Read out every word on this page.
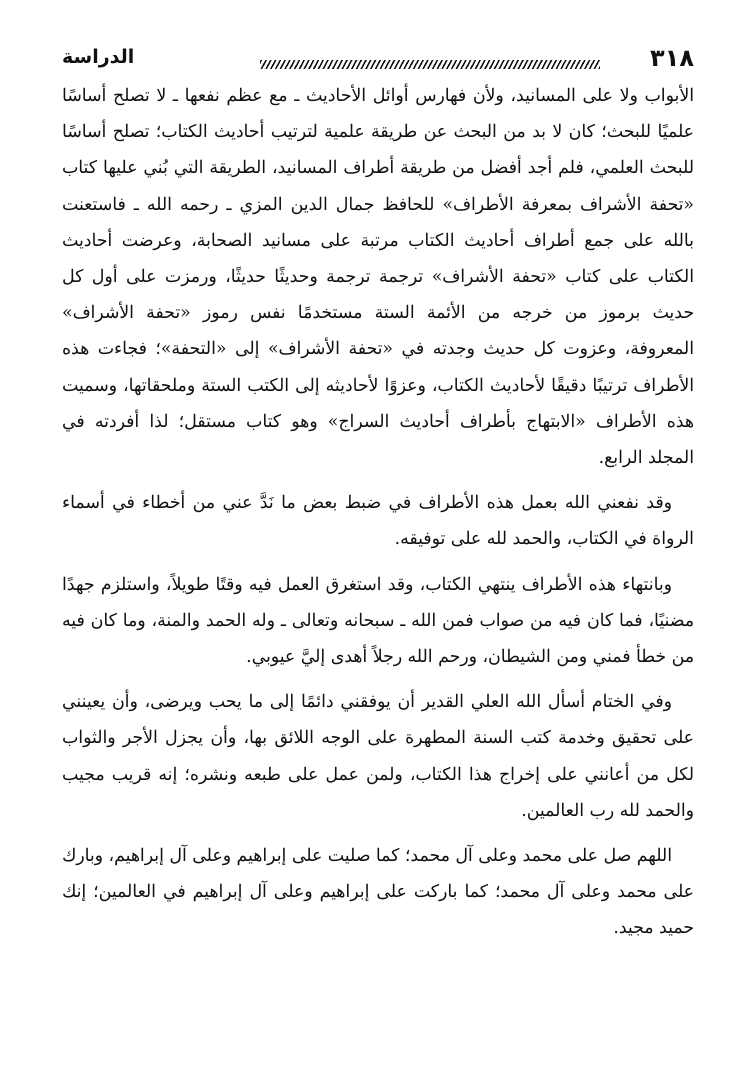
٣١٨
الدراسة

الأبواب ولا على المسانيد، ولأن فهارس أوائل الأحاديث ـ مع عظم نفعها ـ لا تصلح أساسًا علميًا للبحث؛ كان لا بد من البحث عن طريقة علمية لترتيب أحاديث الكتاب؛ تصلح أساسًا للبحث العلمي، فلم أجد أفضل من طريقة أطراف المسانيد، الطريقة التي بُني عليها كتاب «تحفة الأشراف بمعرفة الأطراف» للحافظ جمال الدين المزي ـ رحمه الله ـ فاستعنت بالله على جمع أطراف أحاديث الكتاب مرتبة على مسانيد الصحابة، وعرضت أحاديث الكتاب على كتاب «تحفة الأشراف» ترجمة ترجمة وحديثًا حديثًا، ورمزت على أول كل حديث برموز من خرجه من الأئمة الستة مستخدمًا نفس رموز «تحفة الأشراف» المعروفة، وعزوت كل حديث وجدته في «تحفة الأشراف» إلى «التحفة»؛ فجاءت هذه الأطراف ترتيبًا دقيقًا لأحاديث الكتاب، وعزوًا لأحاديثه إلى الكتب الستة وملحقاتها، وسميت هذه الأطراف «الابتهاج بأطراف أحاديث السراج» وهو كتاب مستقل؛ لذا أفردته في المجلد الرابع.

وقد نفعني الله بعمل هذه الأطراف في ضبط بعض ما نَدَّ عني من أخطاء في أسماء الرواة في الكتاب، والحمد لله على توفيقه.

وبانتهاء هذه الأطراف ينتهي الكتاب، وقد استغرق العمل فيه وقتًا طويلاً، واستلزم جهدًا مضنيًا، فما كان فيه من صواب فمن الله ـ سبحانه وتعالى ـ وله الحمد والمنة، وما كان فيه من خطأ فمني ومن الشيطان، ورحم الله رجلاً أهدى إليَّ عيوبي.

وفي الختام أسأل الله العلي القدير أن يوفقني دائمًا إلى ما يحب ويرضى، وأن يعينني على تحقيق وخدمة كتب السنة المطهرة على الوجه اللائق بها، وأن يجزل الأجر والثواب لكل من أعانني على إخراج هذا الكتاب، ولمن عمل على طبعه ونشره؛ إنه قريب مجيب والحمد لله رب العالمين.

اللهم صل على محمد وعلى آل محمد؛ كما صليت على إبراهيم وعلى آل إبراهيم، وبارك على محمد وعلى آل محمد؛ كما باركت على إبراهيم وعلى آل إبراهيم في العالمين؛ إنك حميد مجيد.
